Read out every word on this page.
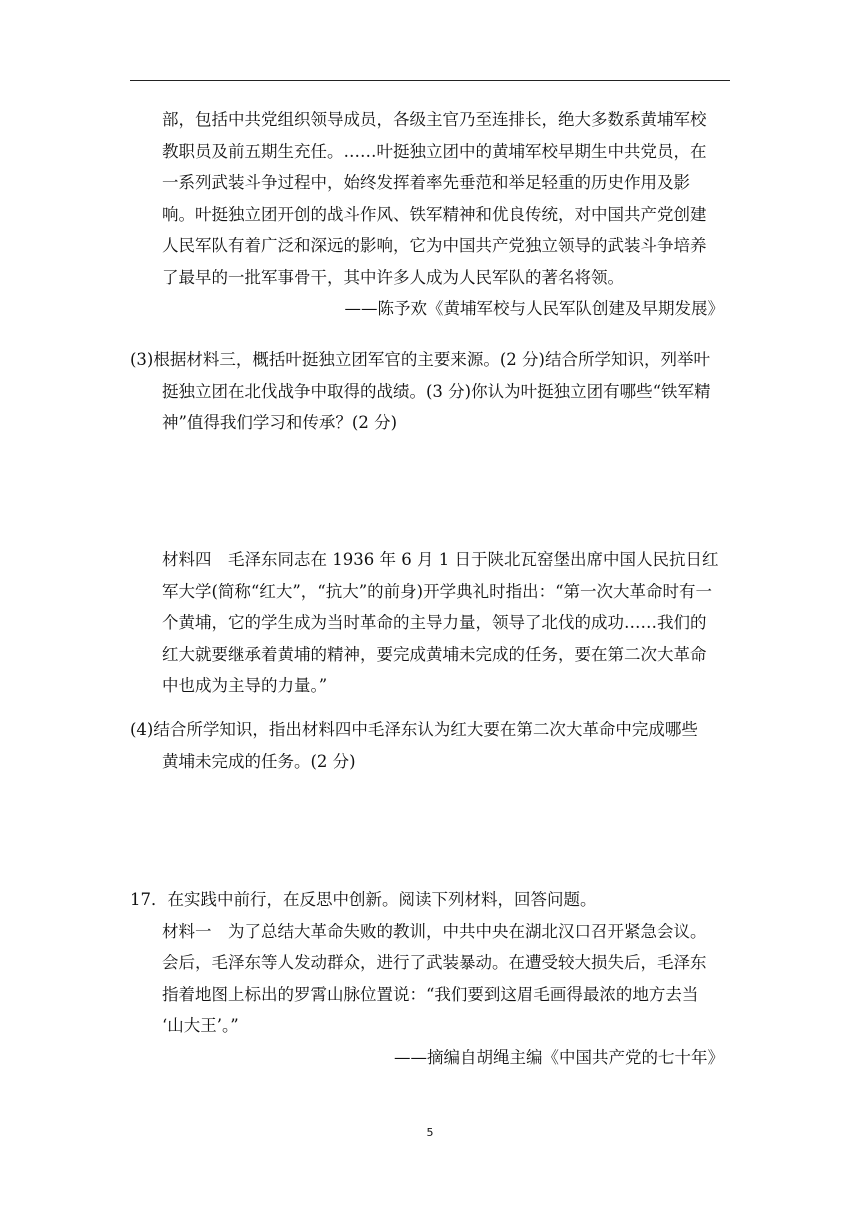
部，包括中共党组织领导成员，各级主官乃至连排长，绝大多数系黄埔军校
教职员及前五期生充任。……叶挺独立团中的黄埔军校早期生中共党员，在
一系列武装斗争过程中，始终发挥着率先垂范和举足轻重的历史作用及影
响。叶挺独立团开创的战斗作风、铁军精神和优良传统，对中国共产党创建
人民军队有着广泛和深远的影响，它为中国共产党独立领导的武装斗争培养
了最早的一批军事骨干，其中许多人成为人民军队的著名将领。
——陈予欢《黄埔军校与人民军队创建及早期发展》
(3)根据材料三，概括叶挺独立团军官的主要来源。(2 分)结合所学知识，列举叶
挺独立团在北伐战争中取得的战绩。(3 分)你认为叶挺独立团有哪些“铁军精
神”值得我们学习和传承？(2 分)
材料四　毛泽东同志在 1936 年 6 月 1 日于陕北瓦窑堡出席中国人民抗日红
军大学(简称“红大”，“抗大”的前身)开学典礼时指出：“第一次大革命时有一
个黄埔，它的学生成为当时革命的主导力量，领导了北伐的成功……我们的
红大就要继承着黄埔的精神，要完成黄埔未完成的任务，要在第二次大革命
中也成为主导的力量。”
(4)结合所学知识，指出材料四中毛泽东认为红大要在第二次大革命中完成哪些
黄埔未完成的任务。(2 分)
17．在实践中前行，在反思中创新。阅读下列材料，回答问题。
材料一　为了总结大革命失败的教训，中共中央在湖北汉口召开紧急会议。
会后，毛泽东等人发动群众，进行了武装暴动。在遭受较大损失后，毛泽东
指着地图上标出的罗霄山脉位置说：“我们要到这眉毛画得最浓的地方去当
‘山大王’。”
——摘编自胡绳主编《中国共产党的七十年》
5
